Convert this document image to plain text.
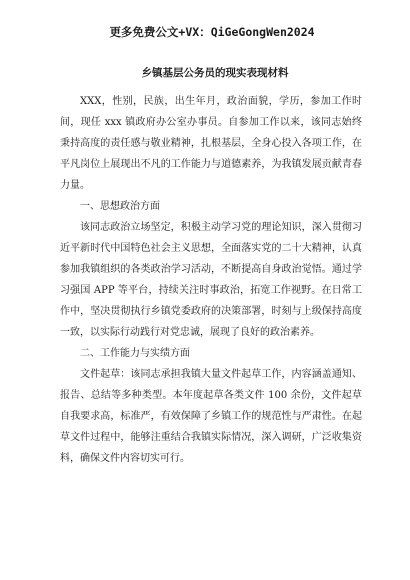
更多免费公文+VX：QiGeGongWen2024
乡镇基层公务员的现实表现材料

XXX，性别，民族，出生年月，政治面貌，学历，参加工作时间，现任 xxx 镇政府办公室办事员。自参加工作以来，该同志始终秉持高度的责任感与敬业精神，扎根基层，全身心投入各项工作，在平凡岗位上展现出不凡的工作能力与道德素养，为我镇发展贡献青春力量。

一、思想政治方面

该同志政治立场坚定，积极主动学习党的理论知识，深入贯彻习近平新时代中国特色社会主义思想，全面落实党的二十大精神，认真参加我镇组织的各类政治学习活动，不断提高自身政治觉悟。通过学习强国 APP 等平台，持续关注时事政治，拓宽工作视野。在日常工作中，坚决贯彻执行乡镇党委政府的决策部署，时刻与上级保持高度一致，以实际行动践行对党忠诚，展现了良好的政治素养。

二、工作能力与实绩方面

文件起草：该同志承担我镇大量文件起草工作，内容涵盖通知、报告、总结等多种类型。本年度起草各类文件 100 余份，文件起草自我要求高，标准严，有效保障了乡镇工作的规范性与严肃性。在起草文件过程中，能够注重结合我镇实际情况，深入调研，广泛收集资料，确保文件内容切实可行。
